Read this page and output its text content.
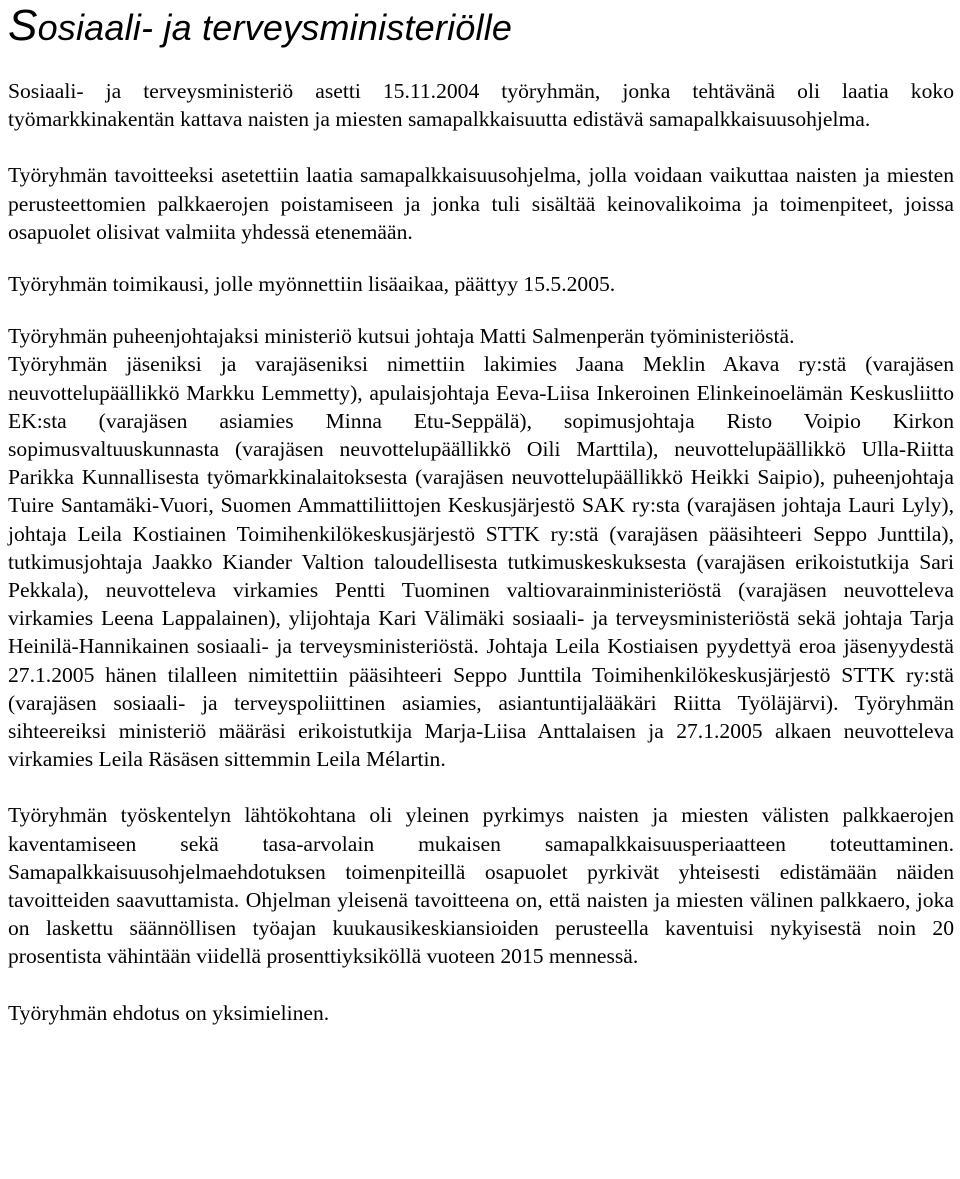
Sosiaali- ja terveysministeriölle

Sosiaali- ja terveysministeriö asetti 15.11.2004 työryhmän, jonka tehtävänä oli laatia koko työmarkkinakentän kattava naisten ja miesten samapalkkaisuutta edistävä samapalkkaisuusohjelma.

Työryhmän tavoitteeksi asetettiin laatia samapalkkaisuusohjelma, jolla voidaan vaikuttaa naisten ja miesten perusteettomien palkkaerojen poistamiseen ja jonka tuli sisältää keinovalikoima ja toimenpiteet, joissa osapuolet olisivat valmiita yhdessä etenemään.

Työryhmän toimikausi, jolle myönnettiin lisäaikaa, päättyy 15.5.2005.

Työryhmän puheenjohtajaksi ministeriö kutsui johtaja Matti Salmenperän työministeriöstä.

Työryhmän jäseniksi ja varajäseniksi nimettiin lakimies Jaana Meklin Akava ry:stä (varajäsen neuvottelupäällikkö Markku Lemmetty), apulaisjohtaja Eeva-Liisa Inkeroinen Elinkeinoelämän Keskusliitto EK:sta (varajäsen asiamies Minna Etu-Seppälä), sopimusjohtaja Risto Voipio Kirkon sopimusvaltuuskunnasta (varajäsen neuvottelupäällikkö Oili Marttila), neuvottelupäällikkö Ulla-Riitta Parikka Kunnallisesta työmarkkinalaitoksesta (varajäsen neuvottelupäällikkö Heikki Saipio), puheenjohtaja Tuire Santamäki-Vuori, Suomen Ammattiliittojen Keskusjärjestö SAK ry:sta (varajäsen johtaja Lauri Lyly), johtaja Leila Kostiainen Toimihenkilökeskusjärjestö STTK ry:stä (varajäsen pääsihteeri Seppo Junttila), tutkimusjohtaja Jaakko Kiander Valtion taloudellisesta tutkimuskeskuksesta (varajäsen erikoistutkija Sari Pekkala), neuvotteleva virkamies Pentti Tuominen valtiovarainministeriöstä (varajäsen neuvotteleva virkamies Leena Lappalainen), ylijohtaja Kari Välimäki sosiaali- ja terveysministeriöstä sekä johtaja Tarja Heinilä-Hannikainen sosiaali- ja terveysministeriöstä. Johtaja Leila Kostiaisen pyydettyä eroa jäsenyydestä 27.1.2005 hänen tilalleen nimitettiin pääsihteeri Seppo Junttila Toimihenkilökeskusjärjestö STTK ry:stä (varajäsen sosiaali- ja terveyspoliittinen asiamies, asiantuntijalääkäri Riitta Työläjärvi). Työryhmän sihteereiksi ministeriö määräsi erikoistutkija Marja-Liisa Anttalaisen ja 27.1.2005 alkaen neuvotteleva virkamies Leila Räsäsen sittemmin Leila Mélartin.

Työryhmän työskentelyn lähtökohtana oli yleinen pyrkimys naisten ja miesten välisten palkkaerojen kaventamiseen sekä tasa-arvolain mukaisen samapalkkaisuusperiaatteen toteuttaminen. Samapalkkaisuusohjelmaehdotuksen toimenpiteillä osapuolet pyrkivät yhteisesti edistämään näiden tavoitteiden saavuttamista. Ohjelman yleisenä tavoitteena on, että naisten ja miesten välinen palkkaero, joka on laskettu säännöllisen työajan kuukausikeskiansioiden perusteella kaventuisi nykyisestä noin 20 prosentista vähintään viidellä prosenttiyksiköllä vuoteen 2015 mennessä.

Työryhmän ehdotus on yksimielinen.
